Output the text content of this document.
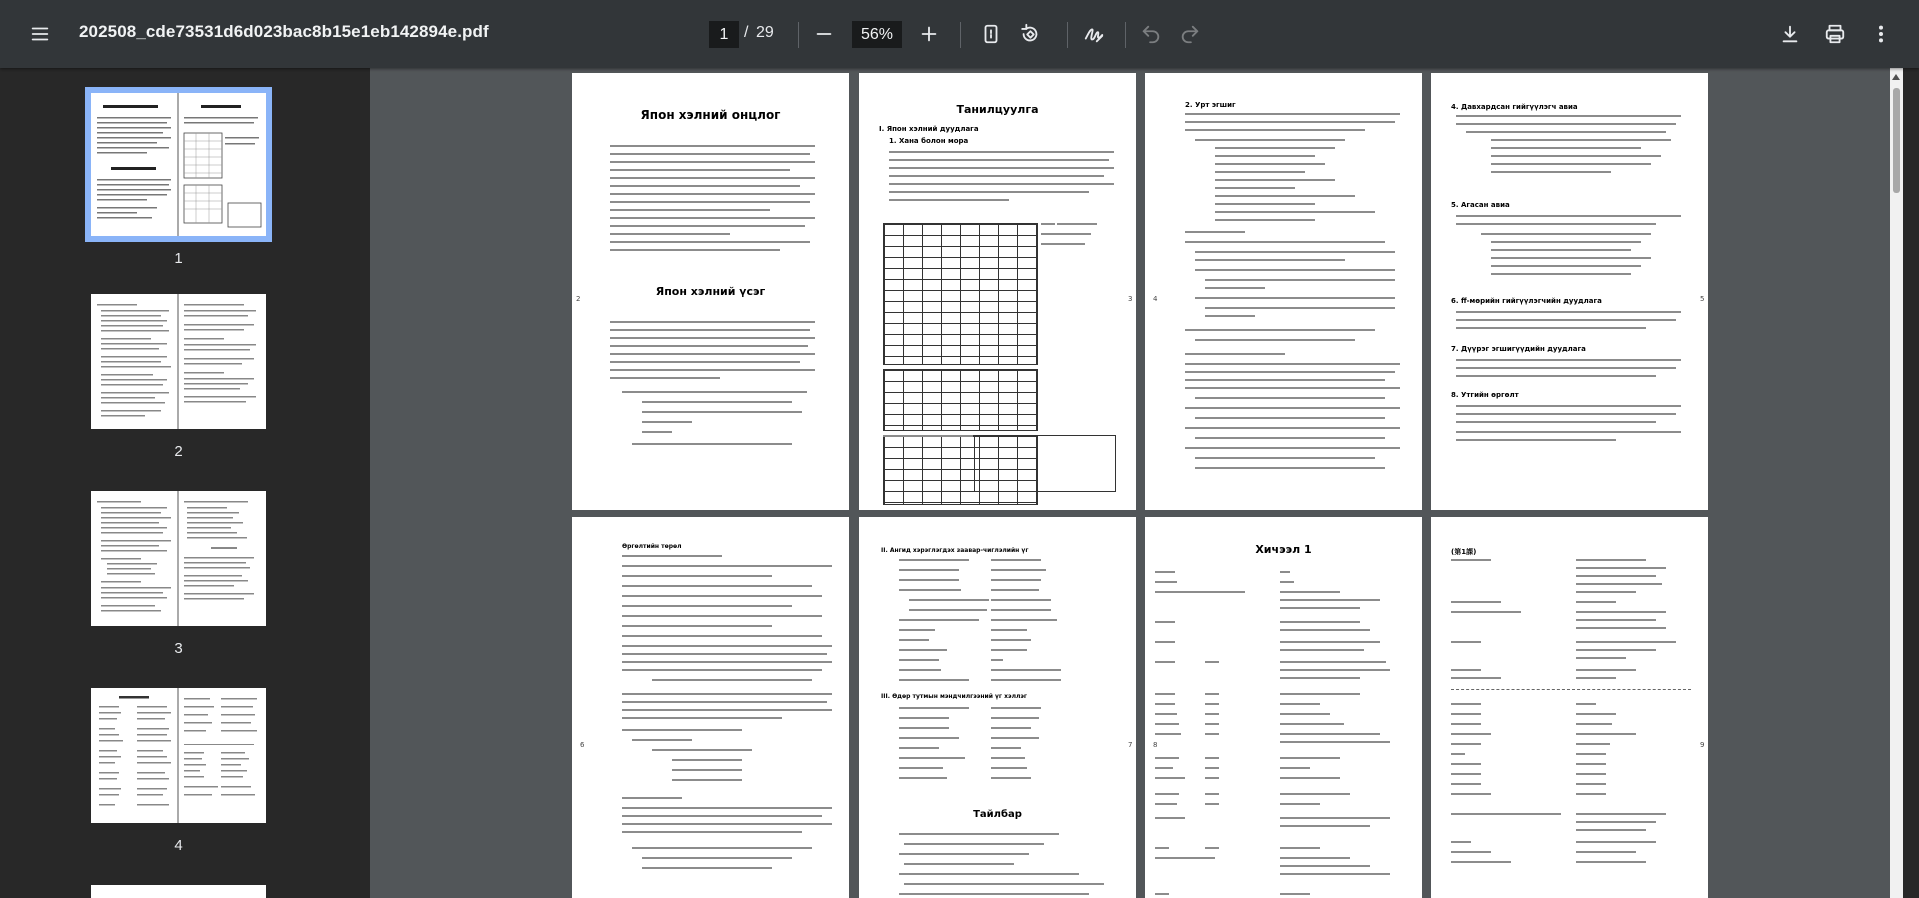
202508_cde73531d6d023bac8b15e1eb142894e.pdf	1 / 29	56%
1
2
3
4
Япон хэлний онцлог
Япон хэлний үсэг
2
Танилцуулга
I. Япон хэлний дуудлага
1. Хана болон мора
3
2. Урт эгшиг
4
4. Давхардсан гийгүүлэгч авиа
5. Агасан авиа
6. ff-мөрийн гийгүүлэгчийн дуудлага
7. Дүүрэг эгшигүүдийн дуудлага
8. Утгийн өргөлт
5
Өргөлтийн төрөл
6
II. Ангид хэрэглэгдэх заавар-чиглэлийн үг
III. Өдөр тутмын мэндчилгээний үг хэллэг
Тайлбар
7
Хичээл 1
8
(第1課)
9
